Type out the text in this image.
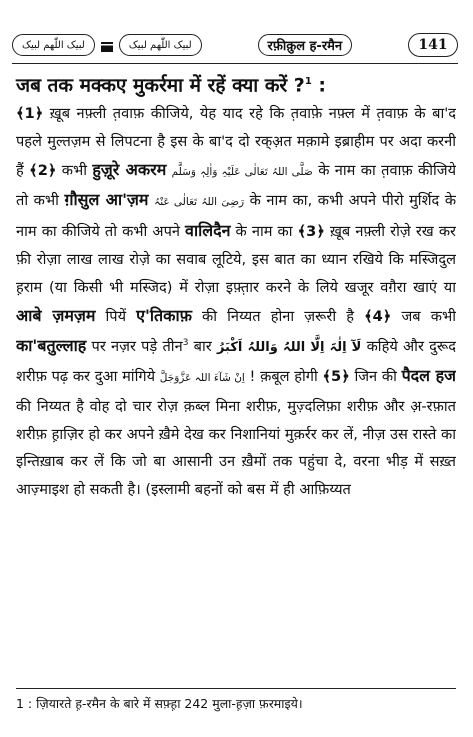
لبیک اللّٰھم لبیک	لبیک اللّٰھم لبیک	रफ़ीक़ुल ह-रमैन	141
जब तक मक्कए मुकर्रमा में रहें क्या करें ?$^1$ :
﴾1﴿ ख़ूब नफ़्ली त़वाफ़ कीजिये, येह याद रहे कि त़वाफ़े नफ़्ल में त़वाफ़ के बा'द पहले मुल्तज़म से लिपटना है इस के बा'द दो रक्अ़त मक़ामे इब्राहीम पर अदा करनी हैं ﴾2﴿ कभी हुज़ूरे अकरम صَلَّی اللہُ تَعَالٰی عَلَیْہِ وَاٰلِہٖ وَسَلَّم के नाम का त़वाफ़ कीजिये तो कभी ग़ौसुल आ'ज़म رَضِیَ اللہُ تَعَالٰی عَنْہُ के नाम का, कभी अपने पीरो मुर्शिद के नाम का कीजिये तो कभी अपने वालिदैन के नाम का ﴾3﴿ ख़ूब नफ़्ली रोज़े रख कर फ़ी रोज़ा लाख लाख रोज़े का सवाब लूटिये, इस बात का ध्यान रखिये कि मस्जिदुल ह़राम (या किसी भी मस्जिद) में रोज़ा इफ़्त़ार करने के लिये खजूर वग़ैरा खाएं या आबे ज़मज़म पियें ए'तिकाफ़ की निय्यत होना ज़रूरी है ﴾4﴿ जब कभी का'बतुल्लाह पर नज़र पड़े तीन$^3$ बार لَآ اِلٰہَ اِلَّا اللہُ وَاللہُ اَکْبَرُ कहिये और दुरूद शरीफ़ पढ़ कर दुआ मांगिये اِنْ شَآءَ اللہ عَزَّوَجَلَّ ! क़बूल होगी ﴾5﴿ जिन की पैदल हज की निय्यत है वोह दो चार रोज़ क़ब्ल मिना शरीफ़, मुज़्दलिफ़ा शरीफ़ और अ़-रफ़ात शरीफ़ ह़ाज़िर हो कर अपने ख़ैमे देख कर निशानियां मुक़र्रर कर लें, नीज़ उस रास्ते का इन्तिख़ाब कर लें कि जो बा आसानी उन ख़ैमों तक पहुंचा दे, वरना भीड़ में सख़्त आज़्माइश हो सकती है। (इस्लामी बहनों को बस में ही आफ़िय्यत
1 : ज़ियारते ह़-रमैन के बारे में सफ़्ह़ा 242 मुला-ह़ज़ा फ़रमाइये।
